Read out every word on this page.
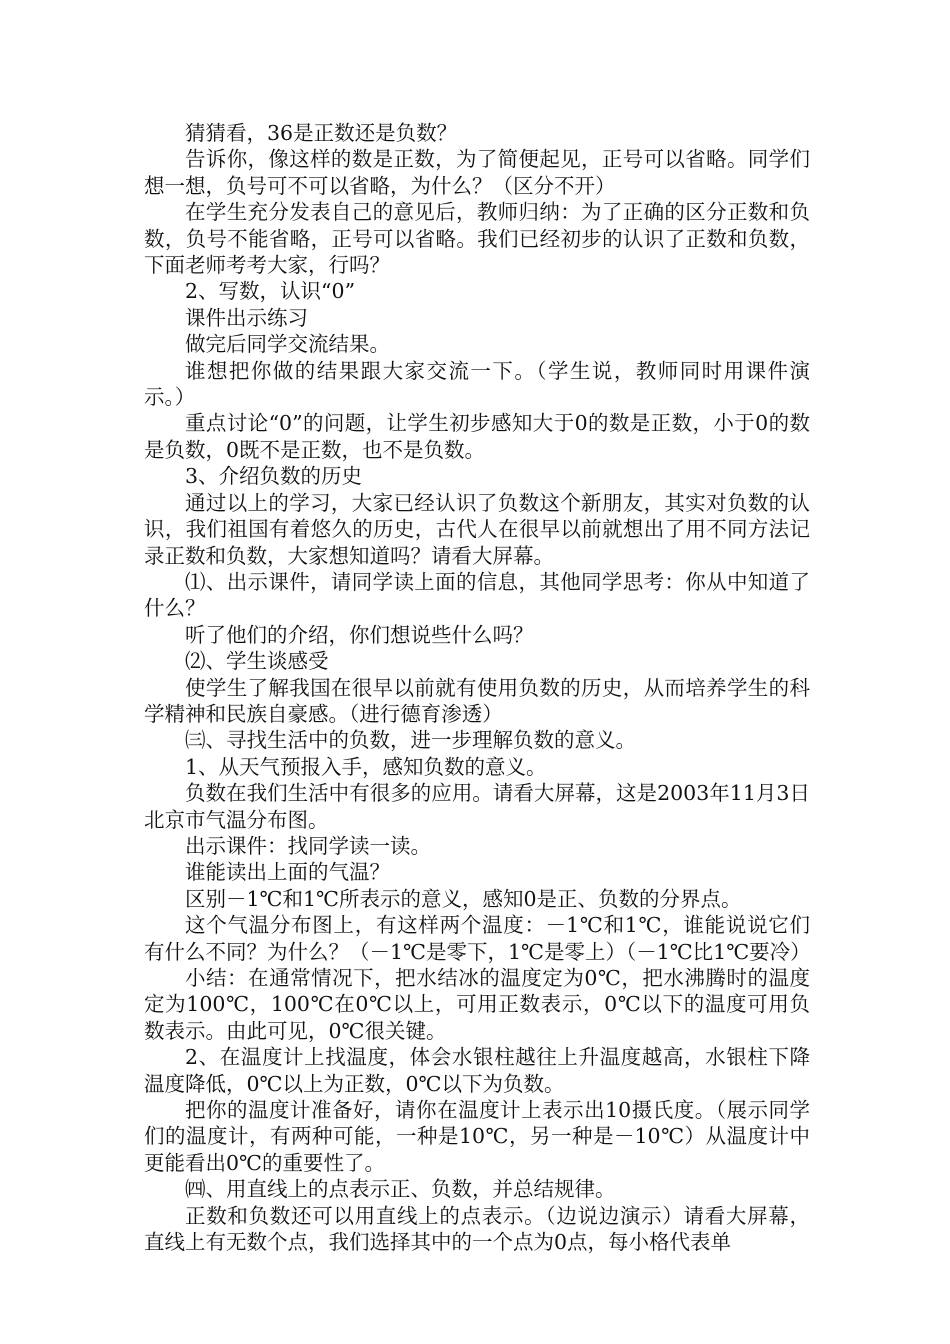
猜猜看，36是正数还是负数？

告诉你，像这样的数是正数，为了简便起见，正号可以省略。同学们想一想，负号可不可以省略，为什么？（区分不开）

在学生充分发表自己的意见后，教师归纳：为了正确的区分正数和负数，负号不能省略，正号可以省略。我们已经初步的认识了正数和负数，下面老师考考大家，行吗？

2、写数，认识“0”

课件出示练习

做完后同学交流结果。

谁想把你做的结果跟大家交流一下。（学生说，教师同时用课件演示。）

重点讨论“0”的问题，让学生初步感知大于0的数是正数，小于0的数是负数，0既不是正数，也不是负数。

3、介绍负数的历史

通过以上的学习，大家已经认识了负数这个新朋友，其实对负数的认识，我们祖国有着悠久的历史，古代人在很早以前就想出了用不同方法记录正数和负数，大家想知道吗？请看大屏幕。

⑴、出示课件，请同学读上面的信息，其他同学思考：你从中知道了什么？

听了他们的介绍，你们想说些什么吗？

⑵、学生谈感受

使学生了解我国在很早以前就有使用负数的历史，从而培养学生的科学精神和民族自豪感。（进行德育渗透）

㈢、寻找生活中的负数，进一步理解负数的意义。

1、从天气预报入手，感知负数的意义。

负数在我们生活中有很多的应用。请看大屏幕，这是2003年11月3日北京市气温分布图。

出示课件：找同学读一读。

谁能读出上面的气温？

区别－1℃和1℃所表示的意义，感知0是正、负数的分界点。

这个气温分布图上，有这样两个温度：－1℃和1℃，谁能说说它们有什么不同？为什么？（－1℃是零下，1℃是零上）（－1℃比1℃要冷）

小结：在通常情况下，把水结冰的温度定为0℃，把水沸腾时的温度定为100℃，100℃在0℃以上，可用正数表示，0℃以下的温度可用负数表示。由此可见，0℃很关键。

2、在温度计上找温度，体会水银柱越往上升温度越高，水银柱下降温度降低，0℃以上为正数，0℃以下为负数。

把你的温度计准备好，请你在温度计上表示出10摄氏度。（展示同学们的温度计，有两种可能，一种是10℃，另一种是－10℃）从温度计中更能看出0℃的重要性了。

㈣、用直线上的点表示正、负数，并总结规律。

正数和负数还可以用直线上的点表示。（边说边演示）请看大屏幕，直线上有无数个点，我们选择其中的一个点为0点，每小格代表单
